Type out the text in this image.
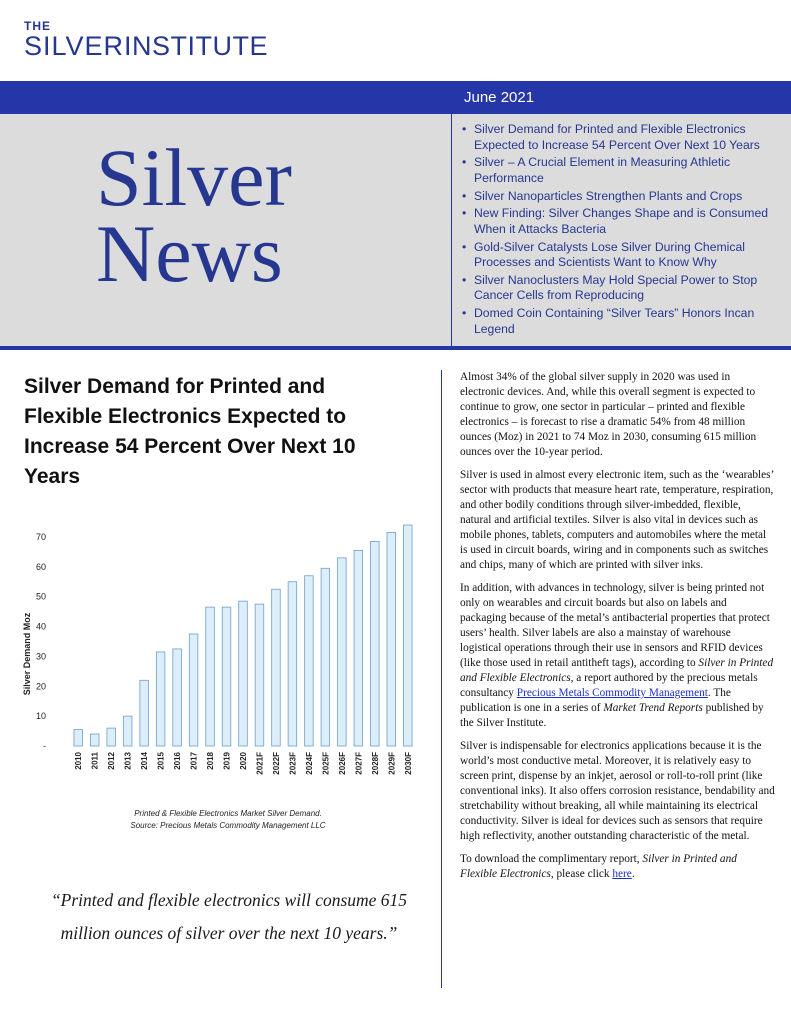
THE
SILVERINSTITUTE
June 2021
Silver
News
• Silver Demand for Printed and Flexible Electronics Expected to Increase 54 Percent Over Next 10 Years
• Silver – A Crucial Element in Measuring Athletic Performance
• Silver Nanoparticles Strengthen Plants and Crops
• New Finding: Silver Changes Shape and is Consumed When it Attacks Bacteria
• Gold-Silver Catalysts Lose Silver During Chemical Processes and Scientists Want to Know Why
• Silver Nanoclusters May Hold Special Power to Stop Cancer Cells from Reproducing
• Domed Coin Containing “Silver Tears” Honors Incan Legend
Silver Demand for Printed and Flexible Electronics Expected to Increase 54 Percent Over Next 10 Years
Silver Demand Moz
-
10
20
30
40
50
60
70
2010 2011 2012 2013 2014 2015 2016 2017 2018 2019 2020 2021F 2022F 2023F 2024F 2025F 2026F 2027F 2028F 2029F 2030F
Printed & Flexible Electronics Market Silver Demand.
Source: Precious Metals Commodity Management LLC
“Printed and flexible electronics will consume 615 million ounces of silver over the next 10 years.”

Almost 34% of the global silver supply in 2020 was used in electronic devices. And, while this overall segment is expected to continue to grow, one sector in particular – printed and flexible electronics – is forecast to rise a dramatic 54% from 48 million ounces (Moz) in 2021 to 74 Moz in 2030, consuming 615 million ounces over the 10-year period.

Silver is used in almost every electronic item, such as the ‘wearables’ sector with products that measure heart rate, temperature, respiration, and other bodily conditions through silver-imbedded, flexible, natural and artificial textiles. Silver is also vital in devices such as mobile phones, tablets, computers and automobiles where the metal is used in circuit boards, wiring and in components such as switches and chips, many of which are printed with silver inks.

In addition, with advances in technology, silver is being printed not only on wearables and circuit boards but also on labels and packaging because of the metal’s antibacterial properties that protect users’ health. Silver labels are also a mainstay of warehouse logistical operations through their use in sensors and RFID devices (like those used in retail antitheft tags), according to Silver in Printed and Flexible Electronics, a report authored by the precious metals consultancy Precious Metals Commodity Management. The publication is one in a series of Market Trend Reports published by the Silver Institute.

Silver is indispensable for electronics applications because it is the world’s most conductive metal. Moreover, it is relatively easy to screen print, dispense by an inkjet, aerosol or roll-to-roll print (like conventional inks). It also offers corrosion resistance, bendability and stretchability without breaking, all while maintaining its electrical conductivity. Silver is ideal for devices such as sensors that require high reflectivity, another outstanding characteristic of the metal.

To download the complimentary report, Silver in Printed and Flexible Electronics, please click here.
